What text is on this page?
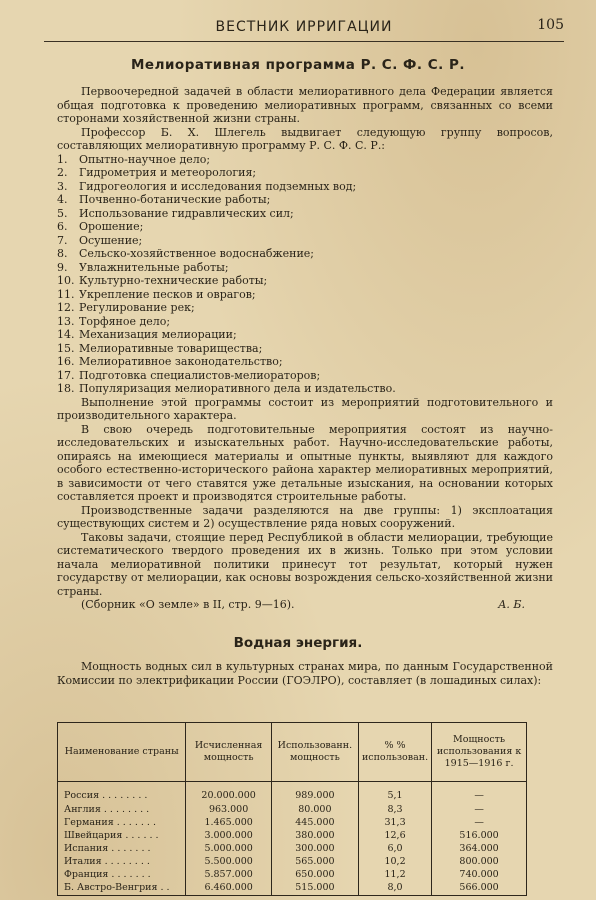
ВЕСТНИК ИРРИГАЦИИ	105
Мелиоративная программа Р. С. Ф. С. Р.

Первоочередной задачей в области мелиоративного дела Федерации является общая подготовка к проведению мелиоративных программ, связанных со всеми сторонами хозяйственной жизни страны.

Профессор Б. Х. Шлегель выдвигает следующую группу вопросов, составляющих мелиоративную программу Р. С. Ф. С. Р.:

1. Опытно-научное дело;
2. Гидрометрия и метеорология;
3. Гидрогеология и исследования подземных вод;
4. Почвенно-ботанические работы;
5. Использование гидравлических сил;
6. Орошение;
7. Осушение;
8. Сельско-хозяйственное водоснабжение;
9. Увлажнительные работы;
10. Культурно-технические работы;
11. Укрепление песков и оврагов;
12. Регулирование рек;
13. Торфяное дело;
14. Механизация мелиорации;
15. Мелиоративные товарищества;
16. Мелиоративное законодательство;
17. Подготовка специалистов-мелиораторов;
18. Популяризация мелиоративного дела и издательство.

Выполнение этой программы состоит из мероприятий подготовительного и производительного характера.

В свою очередь подготовительные мероприятия состоят из научно-исследовательских и изыскательных работ. Научно-исследовательские работы, опираясь на имеющиеся материалы и опытные пункты, выявляют для каждого особого естественно-исторического района характер мелиоративных мероприятий, в зависимости от чего ставятся уже детальные изыскания, на основании которых составляется проект и производятся строительные работы.

Производственные задачи разделяются на две группы: 1) эксплоатация существующих систем и 2) осуществление ряда новых сооружений.

Таковы задачи, стоящие перед Республикой в области мелиорации, требующие систематического твердого проведения их в жизнь. Только при этом условии начала мелиоративной политики принесут тот результат, который нужен государству от мелиорации, как основы возрождения сельско-хозяйственной жизни страны.

(Сборник «О земле» в II, стр. 9—16).	А. Б.
Водная энергия.

Мощность водных сил в культурных странах мира, по данным Государственной Комиссии по электрификации России (ГОЭЛРО), составляет (в лошадиных силах):

Наименование страны	Исчисленная мощность	Использованн. мощность	% % использован.	Мощность использования к 1915—1916 г.
Россия . . . . . . . .	20.000.000	989.000	5,1	—
Англия . . . . . . . .	963.000	80.000	8,3	—
Германия . . . . . . .	1.465.000	445.000	31,3	—
Швейцария . . . . . .	3.000.000	380.000	12,6	516.000
Испания . . . . . . .	5.000.000	300.000	6,0	364.000
Италия . . . . . . . .	5.500.000	565.000	10,2	800.000
Франция . . . . . . .	5.857.000	650.000	11,2	740.000
Б. Австро-Венгрия . .	6.460.000	515.000	8,0	566.000
